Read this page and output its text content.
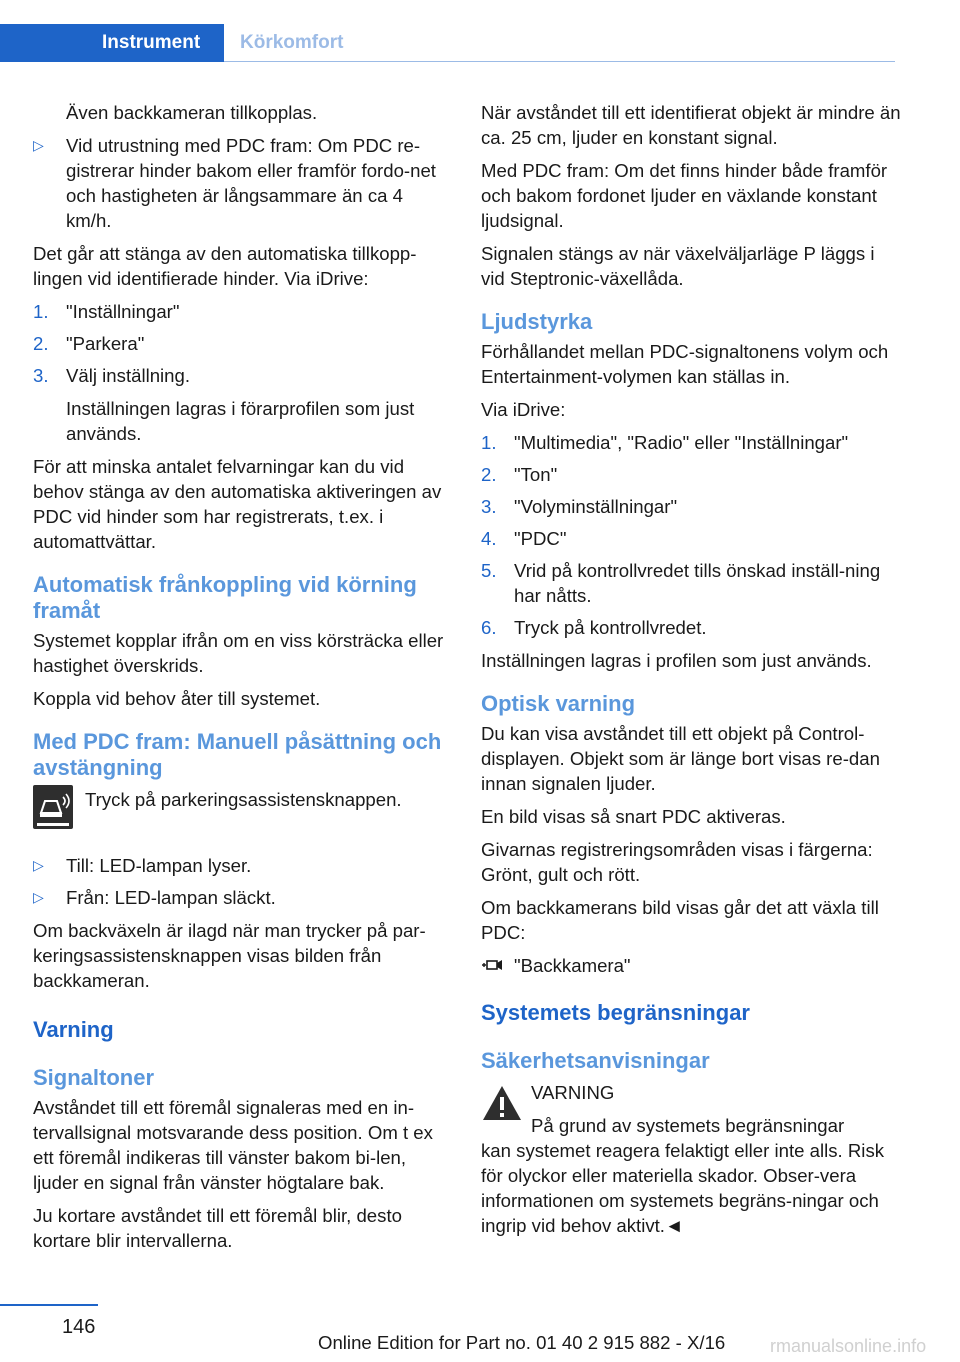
Instrument Körkomfort
Även backkameran tillkopplas.
▷ Vid utrustning med PDC fram: Om PDC re-gistrerar hinder bakom eller framför fordo-net och hastigheten är långsammare än ca 4 km/h.

Det går att stänga av den automatiska tillkopp-lingen vid identifierade hinder. Via iDrive:

1. "Inställningar"
2. "Parkera"
3. Välj inställning.
Inställningen lagras i förarprofilen som just används.

För att minska antalet felvarningar kan du vid behov stänga av den automatiska aktiveringen av PDC vid hinder som har registrerats, t.ex. i automattvättar.

Automatisk frånkoppling vid körning framåt

Systemet kopplar ifrån om en viss körsträcka eller hastighet överskrids.

Koppla vid behov åter till systemet.

Med PDC fram: Manuell påsättning och avstängning
Tryck på parkeringsassistensknappen.
▷ Till: LED-lampan lyser.
▷ Från: LED-lampan släckt.

Om backväxeln är ilagd när man trycker på par-keringsassistensknappen visas bilden från backkameran.

Varning
Signaltoner

Avståndet till ett föremål signaleras med en in-tervallsignal motsvarande dess position. Om t ex ett föremål indikeras till vänster bakom bi-len, ljuder en signal från vänster högtalare bak.

Ju kortare avståndet till ett föremål blir, desto kortare blir intervallerna.

När avståndet till ett identifierat objekt är mindre än ca. 25 cm, ljuder en konstant signal.

Med PDC fram: Om det finns hinder både framför och bakom fordonet ljuder en växlande konstant ljudsignal.

Signalen stängs av när växelväljarläge P läggs i vid Steptronic-växellåda.

Ljudstyrka

Förhållandet mellan PDC-signaltonens volym och Entertainment-volymen kan ställas in.

Via iDrive:

1. "Multimedia", "Radio" eller "Inställningar"
2. "Ton"
3. "Volyminställningar"
4. "PDC"
5. Vrid på kontrollvredet tills önskad inställ-ning har nåtts.
6. Tryck på kontrollvredet.

Inställningen lagras i profilen som just används.

Optisk varning

Du kan visa avståndet till ett objekt på Control-displayen. Objekt som är länge bort visas re-dan innan signalen ljuder.

En bild visas så snart PDC aktiveras.

Givarnas registreringsområden visas i färgerna: Grönt, gult och rött.

Om backkamerans bild visas går det att växla till PDC:

"Backkamera"
Systemets begränsningar
Säkerhetsanvisningar
VARNING
På grund av systemets begränsningar
kan systemet reagera felaktigt eller inte alls. Risk för olyckor eller materiella skador. Obser-vera informationen om systemets begräns-ningar och ingrip vid behov aktivt.◄
146
Online Edition for Part no. 01 40 2 915 882 - X/16 rmanualsonline.info
